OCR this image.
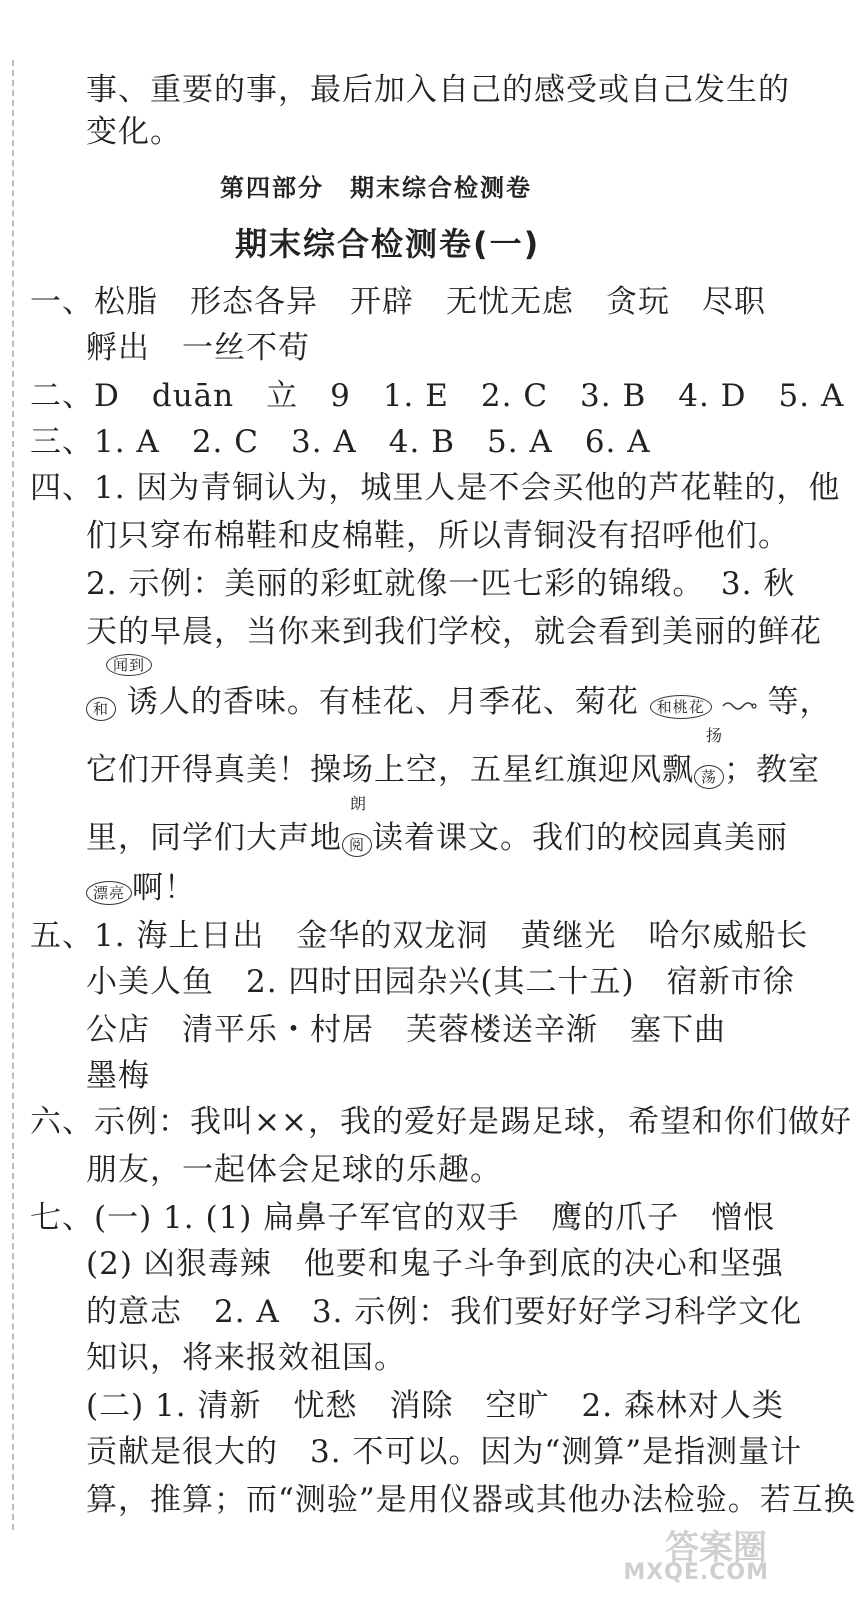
事、重要的事，最后加入自己的感受或自己发生的
变化。
第四部分　期末综合检测卷
期末综合检测卷(一)
一、松脂　形态各异　开辟　无忧无虑　贪玩　尽职
孵出　一丝不苟
二、D　duān　立　9　1. E　2. C　3. B　4. D　5. A
三、1. A　2. C　3. A　4. B　5. A　6. A
四、1. 因为青铜认为，城里人是不会买他的芦花鞋的，他
们只穿布棉鞋和皮棉鞋，所以青铜没有招呼他们。
2. 示例：美丽的彩虹就像一匹七彩的锦缎。　3. 秋
天的早晨，当你来到我们学校，就会看到美丽的鲜花
和
闻到
诱人的香味。有桂花、月季花、菊花 和桃花 等，
它们开得真美！操场上空，五星红旗迎风飘 荡
扬
；教室
里，同学们大声地 阅
朗
读着课文。我们的校园真美丽
漂亮 啊！
五、1. 海上日出　金华的双龙洞　黄继光　哈尔威船长
小美人鱼　2. 四时田园杂兴(其二十五)　宿新市徐
公店　清平乐・村居　芙蓉楼送辛渐　塞下曲
墨梅
六、示例：我叫××，我的爱好是踢足球，希望和你们做好
朋友，一起体会足球的乐趣。
七、(一) 1. (1) 扁鼻子军官的双手　鹰的爪子　憎恨
(2) 凶狠毒辣　他要和鬼子斗争到底的决心和坚强
的意志　2. A　3. 示例：我们要好好学习科学文化
知识，将来报效祖国。
(二) 1. 清新　忧愁　消除　空旷　2. 森林对人类
贡献是很大的　3. 不可以。因为“测算”是指测量计
算，推算；而“测验”是用仪器或其他办法检验。若互换
答案圈
MXQE.COM
